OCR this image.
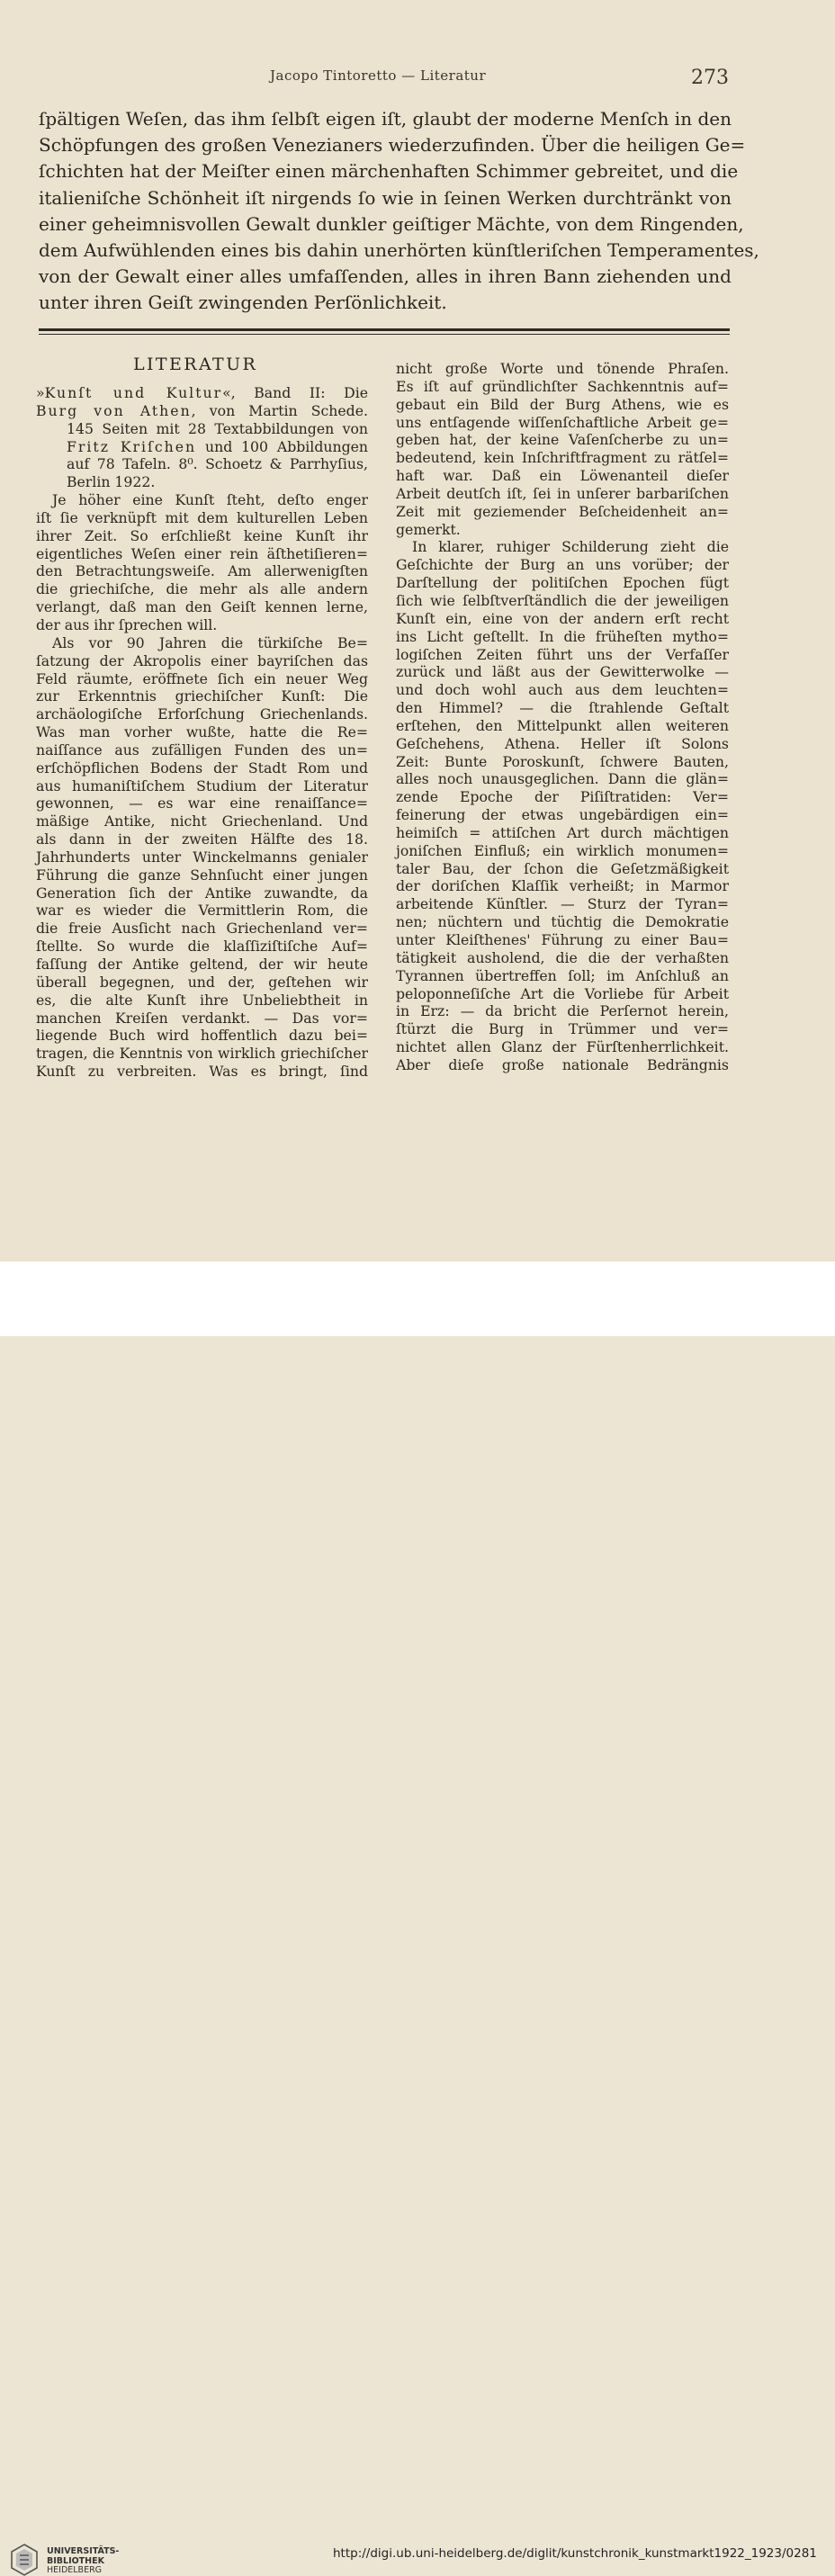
Jacopo Tintoretto — Literatur	273
ſpältigen Weſen, das ihm ſelbſt eigen iſt, glaubt der moderne Menſch in den
Schöpfungen des großen Venezianers wiederzufinden. Über die heiligen Ge=
ſchichten hat der Meiſter einen märchenhaften Schimmer gebreitet, und die
italieniſche Schönheit iſt nirgends ſo wie in ſeinen Werken durchtränkt von
einer geheimnisvollen Gewalt dunkler geiſtiger Mächte, von dem Ringenden,
dem Aufwühlenden eines bis dahin unerhörten künſtleriſchen Temperamentes,
von der Gewalt einer alles umfaſſenden, alles in ihren Bann ziehenden und
unter ihren Geiſt zwingenden Perſönlichkeit.
LITERATUR
»Kunſt und Kultur«, Band II: Die
Burg von Athen, von Martin Schede.
145 Seiten mit 28 Textabbildungen von
Fritz Kriſchen und 100 Abbildungen
auf 78 Tafeln. 8⁰. Schoetz & Parrhyſius,
Berlin 1922.
Je höher eine Kunſt ſteht, deſto enger
iſt ſie verknüpft mit dem kulturellen Leben
ihrer Zeit. So erſchließt keine Kunſt ihr
eigentliches Weſen einer rein äſthetiſieren=
den Betrachtungsweiſe. Am allerwenigſten
die griechiſche, die mehr als alle andern
verlangt, daß man den Geiſt kennen lerne,
der aus ihr ſprechen will.
Als vor 90 Jahren die türkiſche Be=
ſatzung der Akropolis einer bayriſchen das
Feld räumte, eröffnete ſich ein neuer Weg
zur Erkenntnis griechiſcher Kunſt: Die
archäologiſche Erforſchung Griechenlands.
Was man vorher wußte, hatte die Re=
naiſſance aus zufälligen Funden des un=
erſchöpflichen Bodens der Stadt Rom und
aus humaniſtiſchem Studium der Literatur
gewonnen, — es war eine renaiſſance=
mäßige Antike, nicht Griechenland. Und
als dann in der zweiten Hälfte des 18.
Jahrhunderts unter Winckelmanns genialer
Führung die ganze Sehnſucht einer jungen
Generation ſich der Antike zuwandte, da
war es wieder die Vermittlerin Rom, die
die freie Ausſicht nach Griechenland ver=
ſtellte. So wurde die klaſſiziſtiſche Auf=
faſſung der Antike geltend, der wir heute
überall begegnen, und der, geſtehen wir
es, die alte Kunſt ihre Unbeliebtheit in
manchen Kreiſen verdankt. — Das vor=
liegende Buch wird hoffentlich dazu bei=
tragen, die Kenntnis von wirklich griechiſcher
Kunſt zu verbreiten. Was es bringt, ſind
nicht große Worte und tönende Phraſen.
Es iſt auf gründlichſter Sachkenntnis auf=
gebaut ein Bild der Burg Athens, wie es
uns entſagende wiſſenſchaftliche Arbeit ge=
geben hat, der keine Vaſenſcherbe zu un=
bedeutend, kein Inſchriftfragment zu rätſel=
haft war. Daß ein Löwenanteil dieſer
Arbeit deutſch iſt, ſei in unſerer barbariſchen
Zeit mit geziemender Beſcheidenheit an=
gemerkt.
In klarer, ruhiger Schilderung zieht die
Geſchichte der Burg an uns vorüber; der
Darſtellung der politiſchen Epochen fügt
ſich wie ſelbſtverſtändlich die der jeweiligen
Kunſt ein, eine von der andern erſt recht
ins Licht geſtellt. In die früheſten mytho=
logiſchen Zeiten führt uns der Verfaſſer
zurück und läßt aus der Gewitterwolke —
und doch wohl auch aus dem leuchten=
den Himmel? — die ſtrahlende Geſtalt
erſtehen, den Mittelpunkt allen weiteren
Geſchehens, Athena. Heller iſt Solons
Zeit: Bunte Poroskunſt, ſchwere Bauten,
alles noch unausgeglichen. Dann die glän=
zende Epoche der Piſiſtratiden: Ver=
feinerung der etwas ungebärdigen ein=
heimiſch = attiſchen Art durch mächtigen
joniſchen Einfluß; ein wirklich monumen=
taler Bau, der ſchon die Geſetzmäßigkeit
der doriſchen Klaſſik verheißt; in Marmor
arbeitende Künſtler. — Sturz der Tyran=
nen; nüchtern und tüchtig die Demokratie
unter Kleiſthenes' Führung zu einer Bau=
tätigkeit ausholend, die die der verhaßten
Tyrannen übertreffen ſoll; im Anſchluß an
peloponneſiſche Art die Vorliebe für Arbeit
in Erz: — da bricht die Perſernot herein,
ſtürzt die Burg in Trümmer und ver=
nichtet allen Glanz der Fürſtenherrlichkeit.
Aber dieſe große nationale Bedrängnis
UNIVERSITÄTS-
BIBLIOTHEK
HEIDELBERG
http://digi.ub.uni-heidelberg.de/diglit/kunstchronik_kunstmarkt1922_1923/0281
